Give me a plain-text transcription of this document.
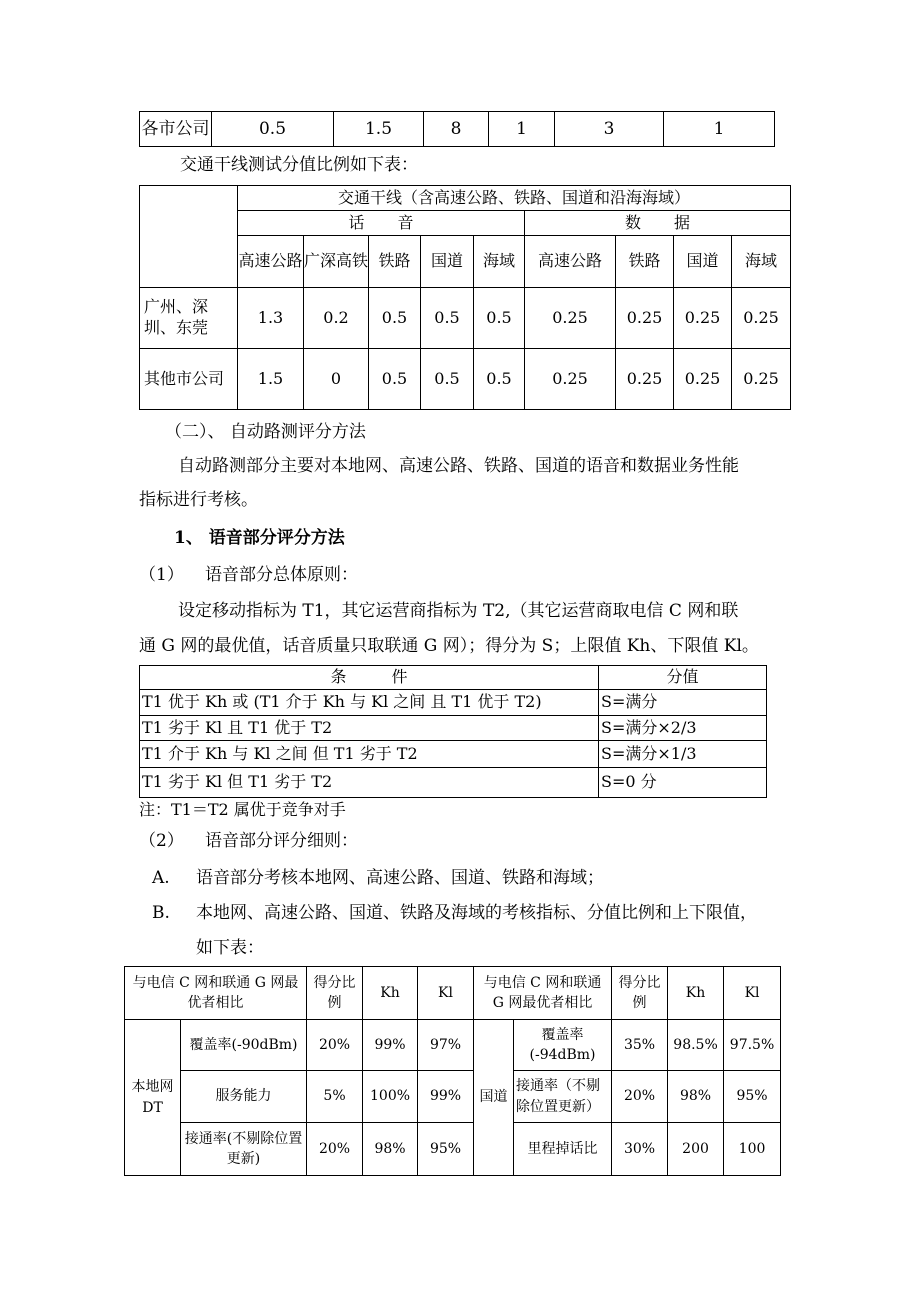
各市公司	0.5	1.5	8	1	3	1
交通干线测试分值比例如下表：
	交通干线（含高速公路、铁路、国道和沿海海域）								
	话 音					数 据			
	高速公路	广深高铁	铁路	国道	海域	高速公路	铁路	国道	海域
广州、深圳、东莞	1.3	0.2	0.5	0.5	0.5	0.25	0.25	0.25	0.25
其他市公司	1.5	0	0.5	0.5	0.5	0.25	0.25	0.25	0.25
（二）、 自动路测评分方法
自动路测部分主要对本地网、高速公路、铁路、国道的语音和数据业务性能
指标进行考核。
1、 语音部分评分方法
（1） 语音部分总体原则：
设定移动指标为 T1，其它运营商指标为 T2,（其它运营商取电信 C 网和联
通 G 网的最优值，话音质量只取联通 G 网）；得分为 S；上限值 Kh、下限值 Kl。
条 件	分值
T1 优于 Kh 或 (T1 介于 Kh 与 Kl 之间 且 T1 优于 T2)	S=满分
T1 劣于 Kl 且 T1 优于 T2	S=满分×2/3
T1 介于 Kh 与 Kl 之间 但 T1 劣于 T2	S=满分×1/3
T1 劣于 Kl 但 T1 劣于 T2	S=0 分
注：T1＝T2 属优于竞争对手
（2） 语音部分评分细则：
A. 语音部分考核本地网、高速公路、国道、铁路和海域；
B. 本地网、高速公路、国道、铁路及海域的考核指标、分值比例和上下限值，
如下表：
与电信 C 网和联通 G 网最优者相比		得分比例	Kh	Kl	与电信 C 网和联通 G 网最优者相比		得分比例	Kh	Kl
本地网 DT	覆盖率(-90dBm)	20%	99%	97%	国道	覆盖率(-94dBm)	35%	98.5%	97.5%
	服务能力	5%	100%	99%		接通率（不剔除位置更新）	20%	98%	95%
	接通率(不剔除位置更新)	20%	98%	95%		里程掉话比	30%	200	100
